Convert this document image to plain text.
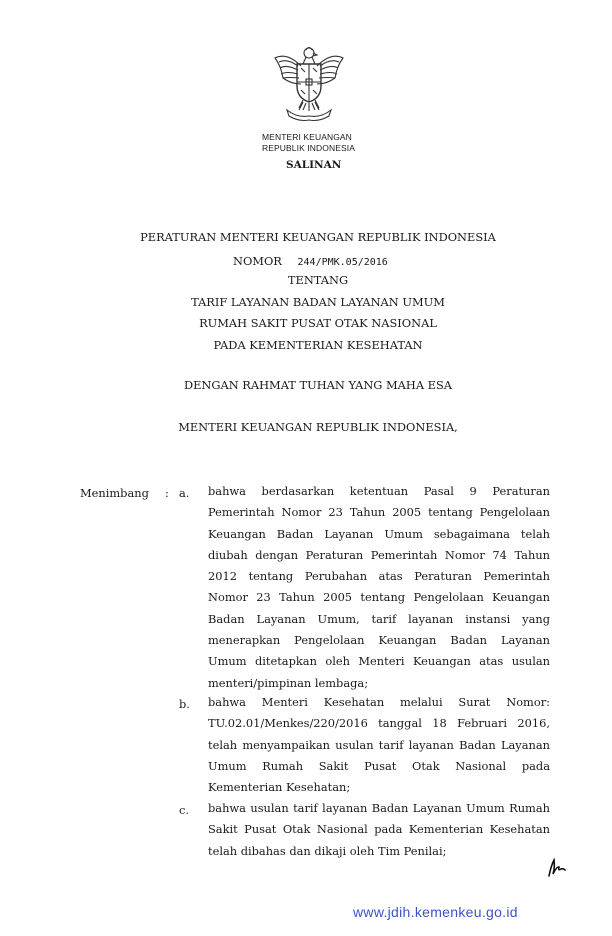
MENTERI KEUANGAN
REPUBLIK INDONESIA
SALINAN
PERATURAN MENTERI KEUANGAN REPUBLIK INDONESIA
NOMOR 244/PMK.05/2016
TENTANG
TARIF LAYANAN BADAN LAYANAN UMUM
RUMAH SAKIT PUSAT OTAK NASIONAL
PADA KEMENTERIAN KESEHATAN
DENGAN RAHMAT TUHAN YANG MAHA ESA
MENTERI KEUANGAN REPUBLIK INDONESIA,
Menimbang : a. bahwa berdasarkan ketentuan Pasal 9 Peraturan Pemerintah Nomor 23 Tahun 2005 tentang Pengelolaan Keuangan Badan Layanan Umum sebagaimana telah diubah dengan Peraturan Pemerintah Nomor 74 Tahun 2012 tentang Perubahan atas Peraturan Pemerintah Nomor 23 Tahun 2005 tentang Pengelolaan Keuangan Badan Layanan Umum, tarif layanan instansi yang menerapkan Pengelolaan Keuangan Badan Layanan Umum ditetapkan oleh Menteri Keuangan atas usulan menteri/pimpinan lembaga;
b. bahwa Menteri Kesehatan melalui Surat Nomor: TU.02.01/Menkes/220/2016 tanggal 18 Februari 2016, telah menyampaikan usulan tarif layanan Badan Layanan Umum Rumah Sakit Pusat Otak Nasional pada Kementerian Kesehatan;
c. bahwa usulan tarif layanan Badan Layanan Umum Rumah Sakit Pusat Otak Nasional pada Kementerian Kesehatan telah dibahas dan dikaji oleh Tim Penilai;
www.jdih.kemenkeu.go.id
